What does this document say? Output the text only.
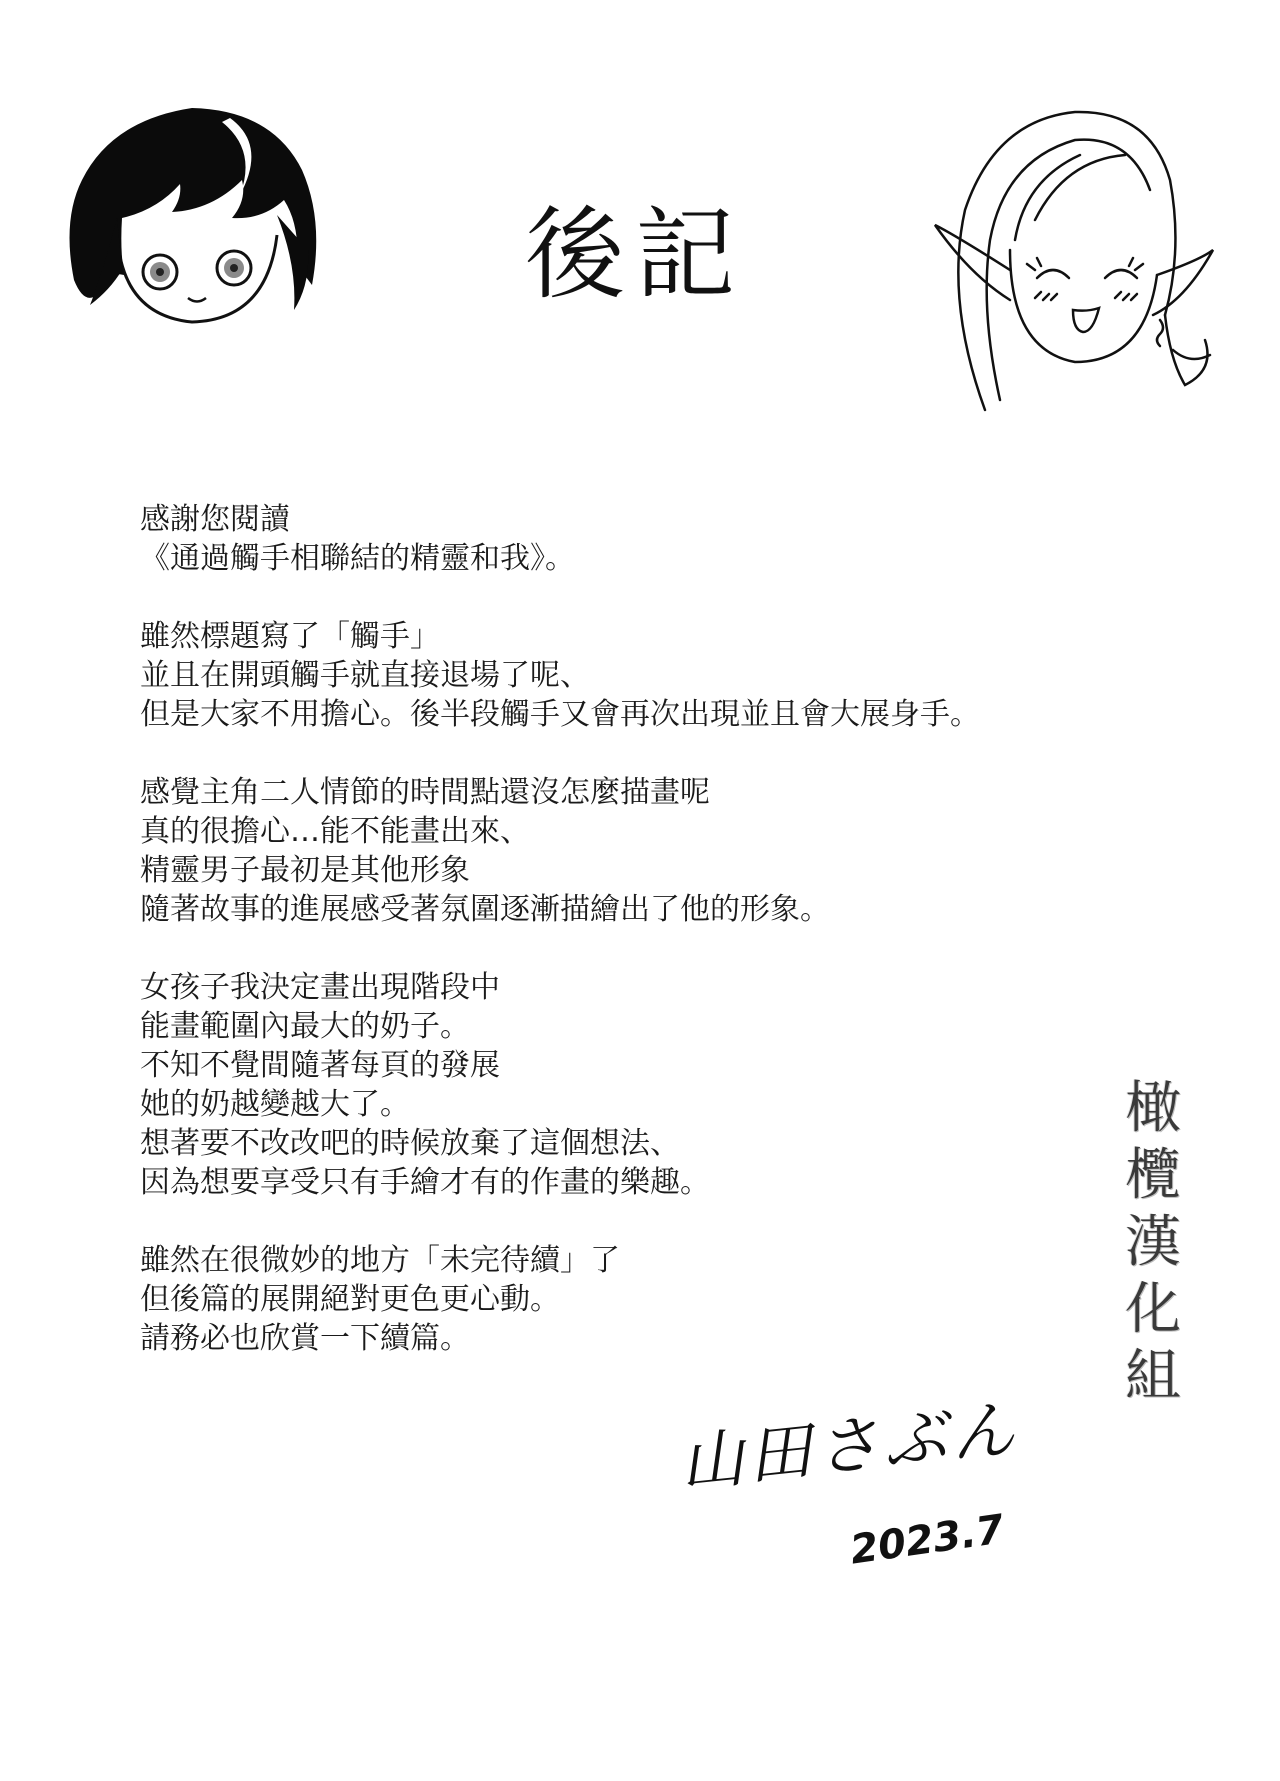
後記
感謝您閱讀
《通過觸手相聯結的精靈和我》。
雖然標題寫了「觸手」
並且在開頭觸手就直接退場了呢、
但是大家不用擔心。後半段觸手又會再次出現並且會大展身手。
感覺主角二人情節的時間點還沒怎麼描畫呢
真的很擔心…能不能畫出來、
精靈男子最初是其他形象
隨著故事的進展感受著氛圍逐漸描繪出了他的形象。
女孩子我決定畫出現階段中
能畫範圍內最大的奶子。
不知不覺間隨著每頁的發展
她的奶越變越大了。
想著要不改改吧的時候放棄了這個想法、
因為想要享受只有手繪才有的作畫的樂趣。
雖然在很微妙的地方「未完待續」了
但後篇的展開絕對更色更心動。
請務必也欣賞一下續篇。
橄欖漢化組
山田さぶん
2023.7
